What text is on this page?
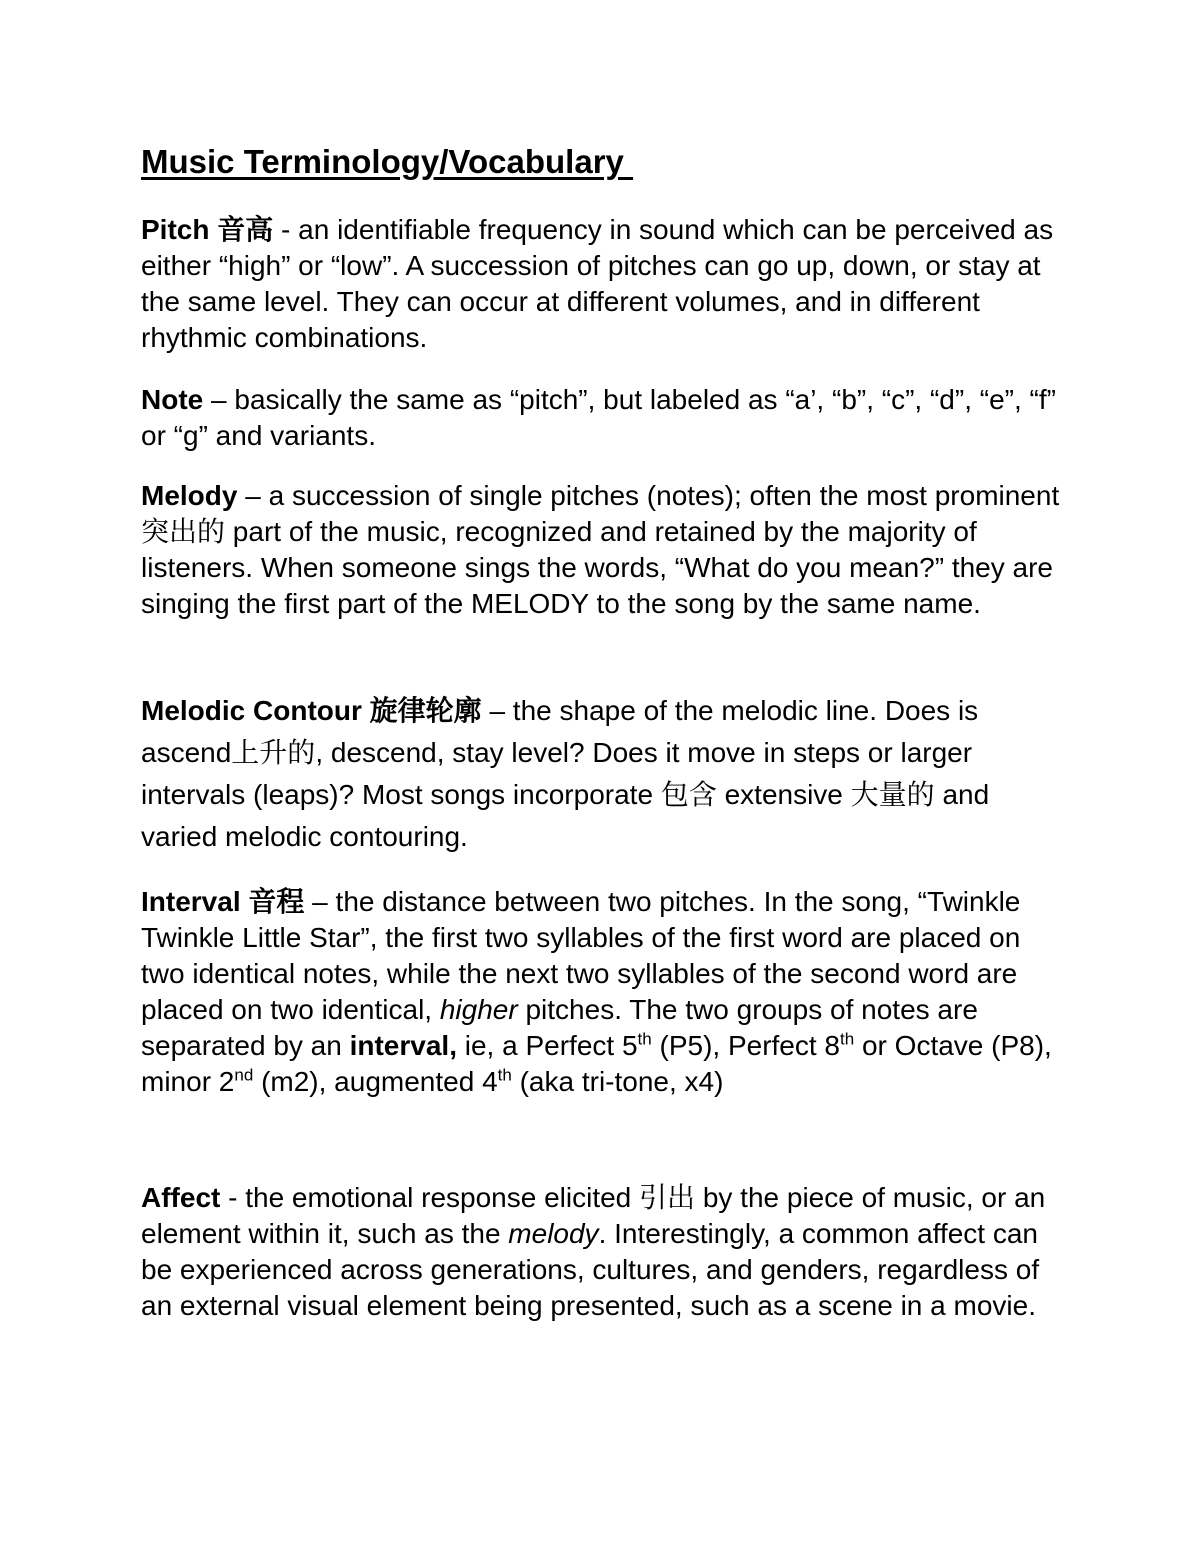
Music Terminology/Vocabulary

Pitch 音高 - an identifiable frequency in sound which can be perceived as either “high” or “low”. A succession of pitches can go up, down, or stay at the same level. They can occur at different volumes, and in different rhythmic combinations.

Note – basically the same as “pitch”, but labeled as “a’, “b”, “c”, “d”, “e”, “f” or “g” and variants.

Melody – a succession of single pitches (notes); often the most prominent 突出的 part of the music, recognized and retained by the majority of listeners. When someone sings the words, “What do you mean?” they are singing the first part of the MELODY to the song by the same name.

Melodic Contour 旋律轮廓 – the shape of the melodic line. Does is ascend上升的, descend, stay level? Does it move in steps or larger intervals (leaps)? Most songs incorporate 包含 extensive 大量的 and varied melodic contouring.

Interval 音程 – the distance between two pitches. In the song, “Twinkle Twinkle Little Star”, the first two syllables of the first word are placed on two identical notes, while the next two syllables of the second word are placed on two identical, higher pitches. The two groups of notes are separated by an interval, ie, a Perfect 5th (P5), Perfect 8th or Octave (P8), minor 2nd (m2), augmented 4th (aka tri-tone, x4)

Affect - the emotional response elicited 引出 by the piece of music, or an element within it, such as the melody. Interestingly, a common affect can be experienced across generations, cultures, and genders, regardless of an external visual element being presented, such as a scene in a movie.
